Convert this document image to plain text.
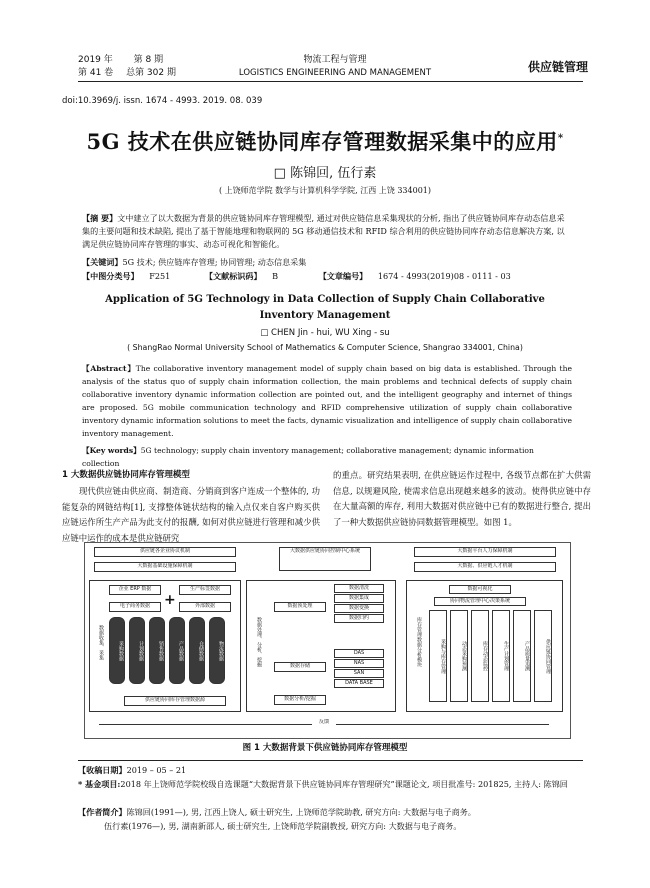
2019 年 第 8 期
第 41 卷 总第 302 期
物流工程与管理
LOGISTICS ENGINEERING AND MANAGEMENT	供应链管理
doi:10.3969/j. issn. 1674 - 4993. 2019. 08. 039
5G 技术在供应链协同库存管理数据采集中的应用*
□ 陈锦回, 伍行素
( 上饶师范学院 数学与计算机科学学院, 江西 上饶 334001)
【摘 要】文中建立了以大数据为背景的供应链协同库存管理模型, 通过对供应链信息采集现状的分析, 指出了供应链协同库存动态信息采集的主要问题和技术缺陷, 提出了基于智能地理和物联网的 5G 移动通信技术和 RFID 综合利用的供应链协同库存动态信息解决方案, 以满足供应链协同库存管理的事实、动态可视化和智能化。
【关键词】5G 技术; 供应链库存管理; 协同管理; 动态信息采集
【中图分类号】 F251	【文献标识码】 B	【文章编号】 1674 - 4993(2019)08 - 0111 - 03
Application of 5G Technology in Data Collection of Supply Chain Collaborative
Inventory Management
□ CHEN Jin - hui, WU Xing - su
( ShangRao Normal University School of Mathematics & Computer Science, Shangrao 334001, China)
【Abstract】The collaborative inventory management model of supply chain based on big data is established. Through the analysis of the status quo of supply chain information collection, the main problems and technical defects of supply chain collaborative inventory dynamic information collection are pointed out, and the intelligent geography and internet of things are proposed. 5G mobile communication technology and RFID comprehensive utilization of supply chain collaborative inventory dynamic information solutions to meet the facts, dynamic visualization and intelligence of supply chain collaborative inventory management.
【Key words】5G technology; supply chain inventory management; collaborative management; dynamic information collection
1 大数据供应链协同库存管理模型
现代供应链由供应商、制造商、分销商到客户连成一个整体的, 功能复杂的网链结构[1], 支撑整体链状结构的输入点仅来自客户购买供应链运作所生产产品为此支付的报酬, 如何对供应链进行管理和减少供应链中运作的成本是供应链研究
的重点。研究结果表明, 在供应链运作过程中, 各级节点都在扩大供需信息, 以规避风险, 使需求信息出现越来越多的波动。使得供应链中存在大量高额的库存, 利用大数据对供应链中已有的数据进行整合, 提出了一种大数据供应链协同数据管理模型。如图 1。
供应链各企业协议机制
大数据基础设施保障机制
大数据供应链协同控制中心系统	大数据平台人力保障机制
大数据、供应链人才机制
数据收集、采集
企业 ERP 数据	生产标签数据
+
电子商务数据	外部数据
采购数据	计划数据	销售数据	产品数据	仓储数据	物流数据
供应链协同库存管理数据源
数据处理、分析、挖掘
数据预处理
数据存储
数据分析/挖掘
数据清洗
数据集成
数据变换
数据归约
DAS
NAS
SAN
DATA BASE
库存管理数据分析模块
数据可视化
协同物流管理中心决策系统
采购与库存管理	动态采购预测	库存动态监控	生产计划管理	产品质量追溯	供应链协同管理
反馈
图 1 大数据背景下供应链协同库存管理模型
【收稿日期】2019 – 05 – 21
* 基金项目:2018 年上饶师范学院校级自选课题“大数据背景下供应链协同库存管理研究”课题论文, 项目批准号: 201825, 主持人: 陈锦回
【作者简介】陈锦回(1991—), 男, 江西上饶人, 硕士研究生, 上饶师范学院助教, 研究方向: 大数据与电子商务。
伍行素(1976—), 男, 湖南新邵人, 硕士研究生, 上饶师范学院副教授, 研究方向: 大数据与电子商务。
